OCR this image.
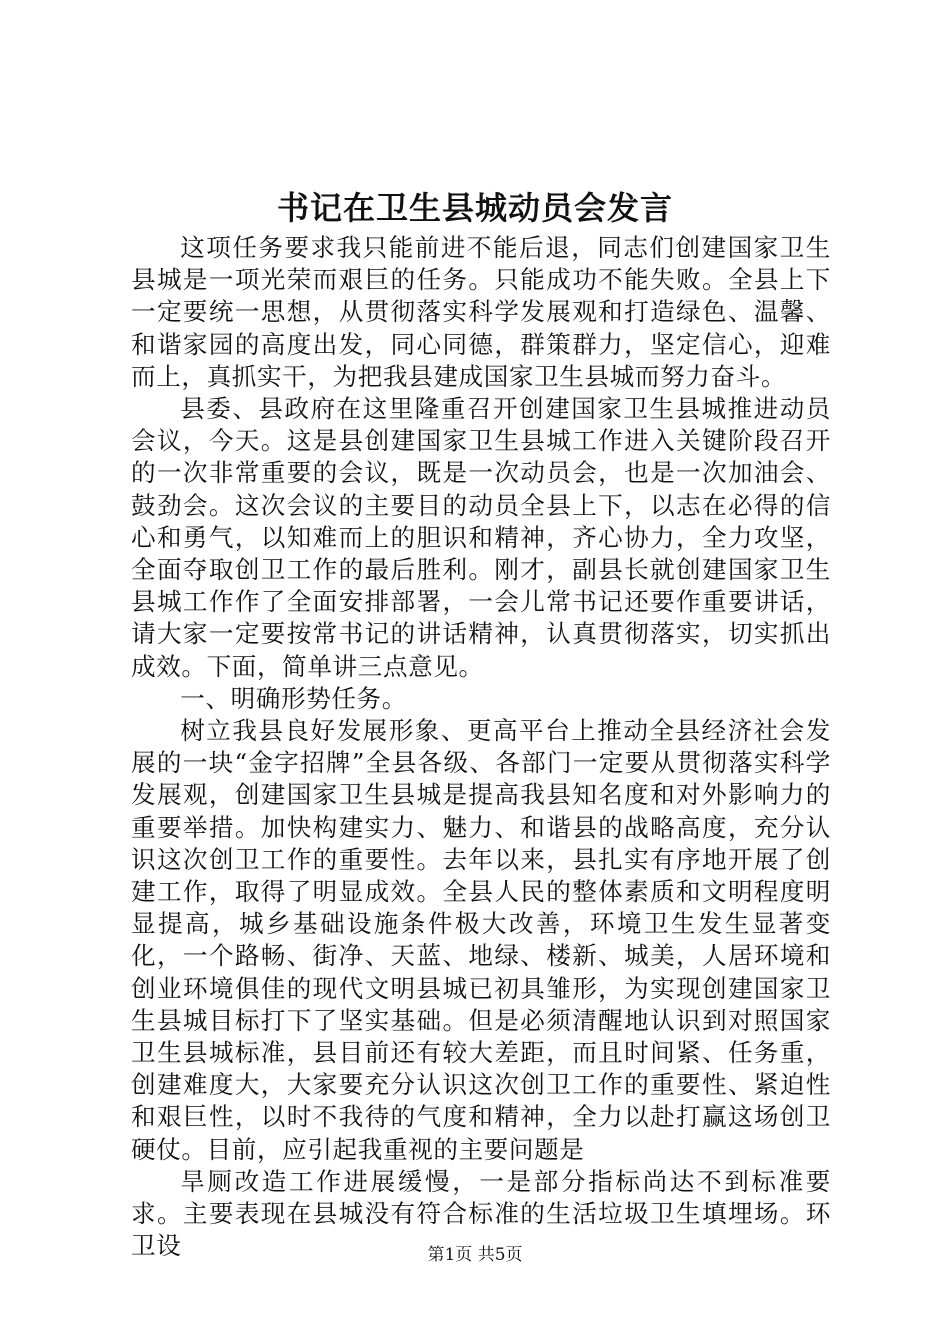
书记在卫生县城动员会发言

这项任务要求我只能前进不能后退，同志们创建国家卫生县城是一项光荣而艰巨的任务。只能成功不能失败。全县上下一定要统一思想，从贯彻落实科学发展观和打造绿色、温馨、和谐家园的高度出发，同心同德，群策群力，坚定信心，迎难而上，真抓实干，为把我县建成国家卫生县城而努力奋斗。

县委、县政府在这里隆重召开创建国家卫生县城推进动员会议，今天。这是县创建国家卫生县城工作进入关键阶段召开的一次非常重要的会议，既是一次动员会，也是一次加油会、鼓劲会。这次会议的主要目的动员全县上下，以志在必得的信心和勇气，以知难而上的胆识和精神，齐心协力，全力攻坚，全面夺取创卫工作的最后胜利。刚才，副县长就创建国家卫生县城工作作了全面安排部署，一会儿常书记还要作重要讲话，请大家一定要按常书记的讲话精神，认真贯彻落实，切实抓出成效。下面，简单讲三点意见。

一、明确形势任务。

树立我县良好发展形象、更高平台上推动全县经济社会发展的一块“金字招牌”全县各级、各部门一定要从贯彻落实科学发展观，创建国家卫生县城是提高我县知名度和对外影响力的重要举措。加快构建实力、魅力、和谐县的战略高度，充分认识这次创卫工作的重要性。去年以来，县扎实有序地开展了创建工作，取得了明显成效。全县人民的整体素质和文明程度明显提高，城乡基础设施条件极大改善，环境卫生发生显著变化，一个路畅、街净、天蓝、地绿、楼新、城美，人居环境和创业环境俱佳的现代文明县城已初具雏形，为实现创建国家卫生县城目标打下了坚实基础。但是必须清醒地认识到对照国家卫生县城标准，县目前还有较大差距，而且时间紧、任务重，创建难度大，大家要充分认识这次创卫工作的重要性、紧迫性和艰巨性，以时不我待的气度和精神，全力以赴打赢这场创卫硬仗。目前，应引起我重视的主要问题是

旱厕改造工作进展缓慢，一是部分指标尚达不到标准要求。主要表现在县城没有符合标准的生活垃圾卫生填埋场。环卫设	第1页 共5页
